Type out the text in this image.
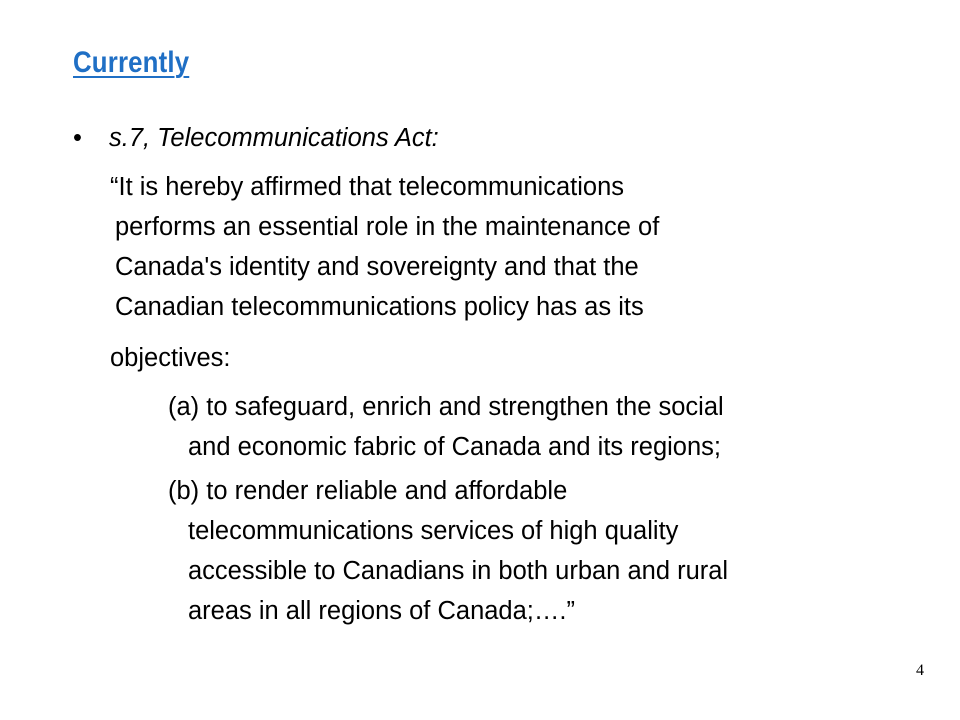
Currently
• s.7, Telecommunications Act:
“It is hereby affirmed that telecommunications
performs an essential role in the maintenance of
Canada's identity and sovereignty and that the
Canadian telecommunications policy has as its
objectives:
(a) to safeguard, enrich and strengthen the social
and economic fabric of Canada and its regions;
(b) to render reliable and affordable
telecommunications services of high quality
accessible to Canadians in both urban and rural
areas in all regions of Canada;….”
4
